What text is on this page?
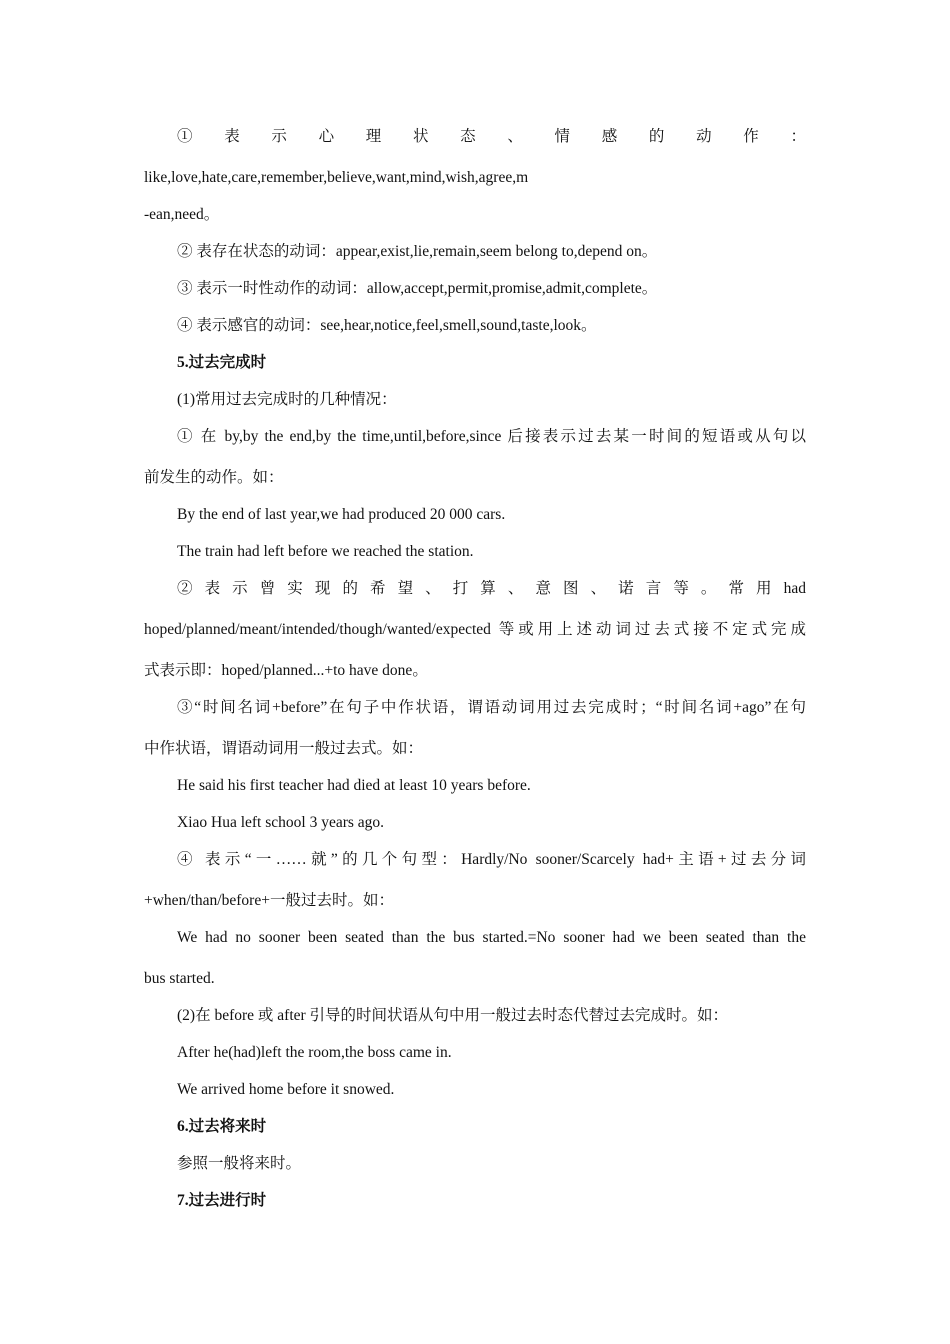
① 表 示 心 理 状 态 、 情 感 的 动 作 ：
like,love,hate,care,remember,believe,want,mind,wish,agree,m
-ean,need。
② 表存在状态的动词：appear,exist,lie,remain,seem belong to,depend on。
③ 表示一时性动作的动词：allow,accept,permit,promise,admit,complete。
④ 表示感官的动词：see,hear,notice,feel,smell,sound,taste,look。
5.过去完成时
(1)常用过去完成时的几种情况：
① 在 by,by the end,by the time,until,before,since 后接表示过去某一时间的短语或从句以
前发生的动作。如：
By the end of last year,we had produced 20 000 cars.
The train had left before we reached the station.
② 表 示 曾 实 现 的 希 望 、 打 算 、 意 图 、 诺 言 等 。 常 用 had
hoped/planned/meant/intended/though/wanted/expected 等或用上述动词过去式接不定式完成
式表示即：hoped/planned...+to have done。
③“时间名词+before”在句子中作状语，谓语动词用过去完成时；“时间名词+ago”在句
中作状语，谓语动词用一般过去式。如：
He said his first teacher had died at least 10 years before.
Xiao Hua left school 3 years ago.
④ 表示“一……就”的几个句型：Hardly/No sooner/Scarcely had+主语+过去分词
+when/than/before+一般过去时。如：
We had no sooner been seated than the bus started.=No sooner had we been seated than the
bus started.
(2)在 before 或 after 引导的时间状语从句中用一般过去时态代替过去完成时。如：
After he(had)left the room,the boss came in.
We arrived home before it snowed.
6.过去将来时
参照一般将来时。
7.过去进行时
